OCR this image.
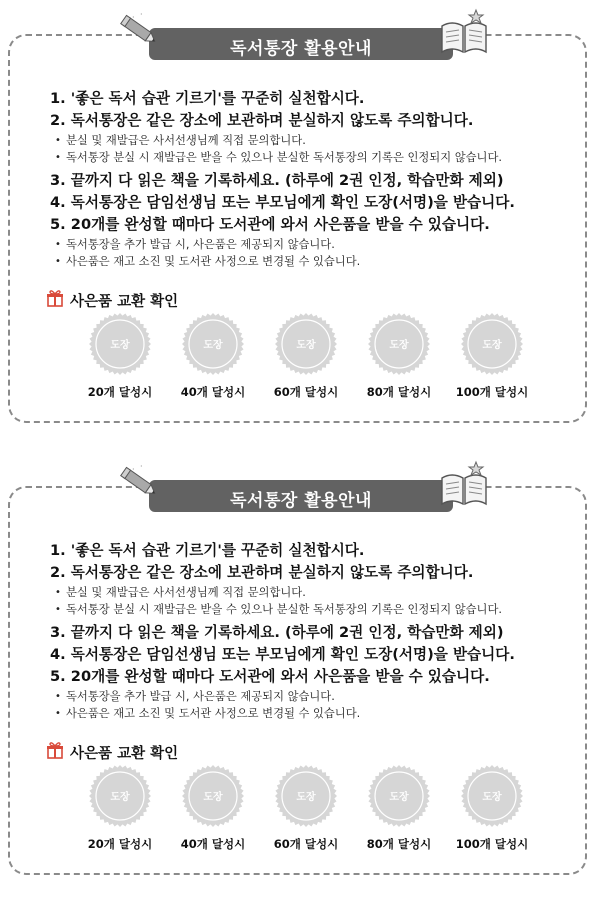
독서통장 활용안내
· ·
1. '좋은 독서 습관 기르기'를 꾸준히 실천합시다.
2. 독서통장은 같은 장소에 보관하며 분실하지 않도록 주의합니다.
• 분실 및 재발급은 사서선생님께 직접 문의합니다.
• 독서통장 분실 시 재발급은 받을 수 있으나 분실한 독서통장의 기록은 인정되지 않습니다.
3. 끝까지 다 읽은 책을 기록하세요. (하루에 2권 인정, 학습만화 제외)
4. 독서통장은 담임선생님 또는 부모님에게 확인 도장(서명)을 받습니다.
5. 20개를 완성할 때마다 도서관에 와서 사은품을 받을 수 있습니다.
• 독서통장을 추가 발급 시, 사은품은 제공되지 않습니다.
• 사은품은 재고 소진 및 도서관 사정으로 변경될 수 있습니다.
사은품 교환 확인
도장
20개 달성시
도장
40개 달성시
도장
60개 달성시
도장
80개 달성시
도장
100개 달성시
독서통장 활용안내
· ·
1. '좋은 독서 습관 기르기'를 꾸준히 실천합시다.
2. 독서통장은 같은 장소에 보관하며 분실하지 않도록 주의합니다.
• 분실 및 재발급은 사서선생님께 직접 문의합니다.
• 독서통장 분실 시 재발급은 받을 수 있으나 분실한 독서통장의 기록은 인정되지 않습니다.
3. 끝까지 다 읽은 책을 기록하세요. (하루에 2권 인정, 학습만화 제외)
4. 독서통장은 담임선생님 또는 부모님에게 확인 도장(서명)을 받습니다.
5. 20개를 완성할 때마다 도서관에 와서 사은품을 받을 수 있습니다.
• 독서통장을 추가 발급 시, 사은품은 제공되지 않습니다.
• 사은품은 재고 소진 및 도서관 사정으로 변경될 수 있습니다.
사은품 교환 확인
도장
20개 달성시
도장
40개 달성시
도장
60개 달성시
도장
80개 달성시
도장
100개 달성시
